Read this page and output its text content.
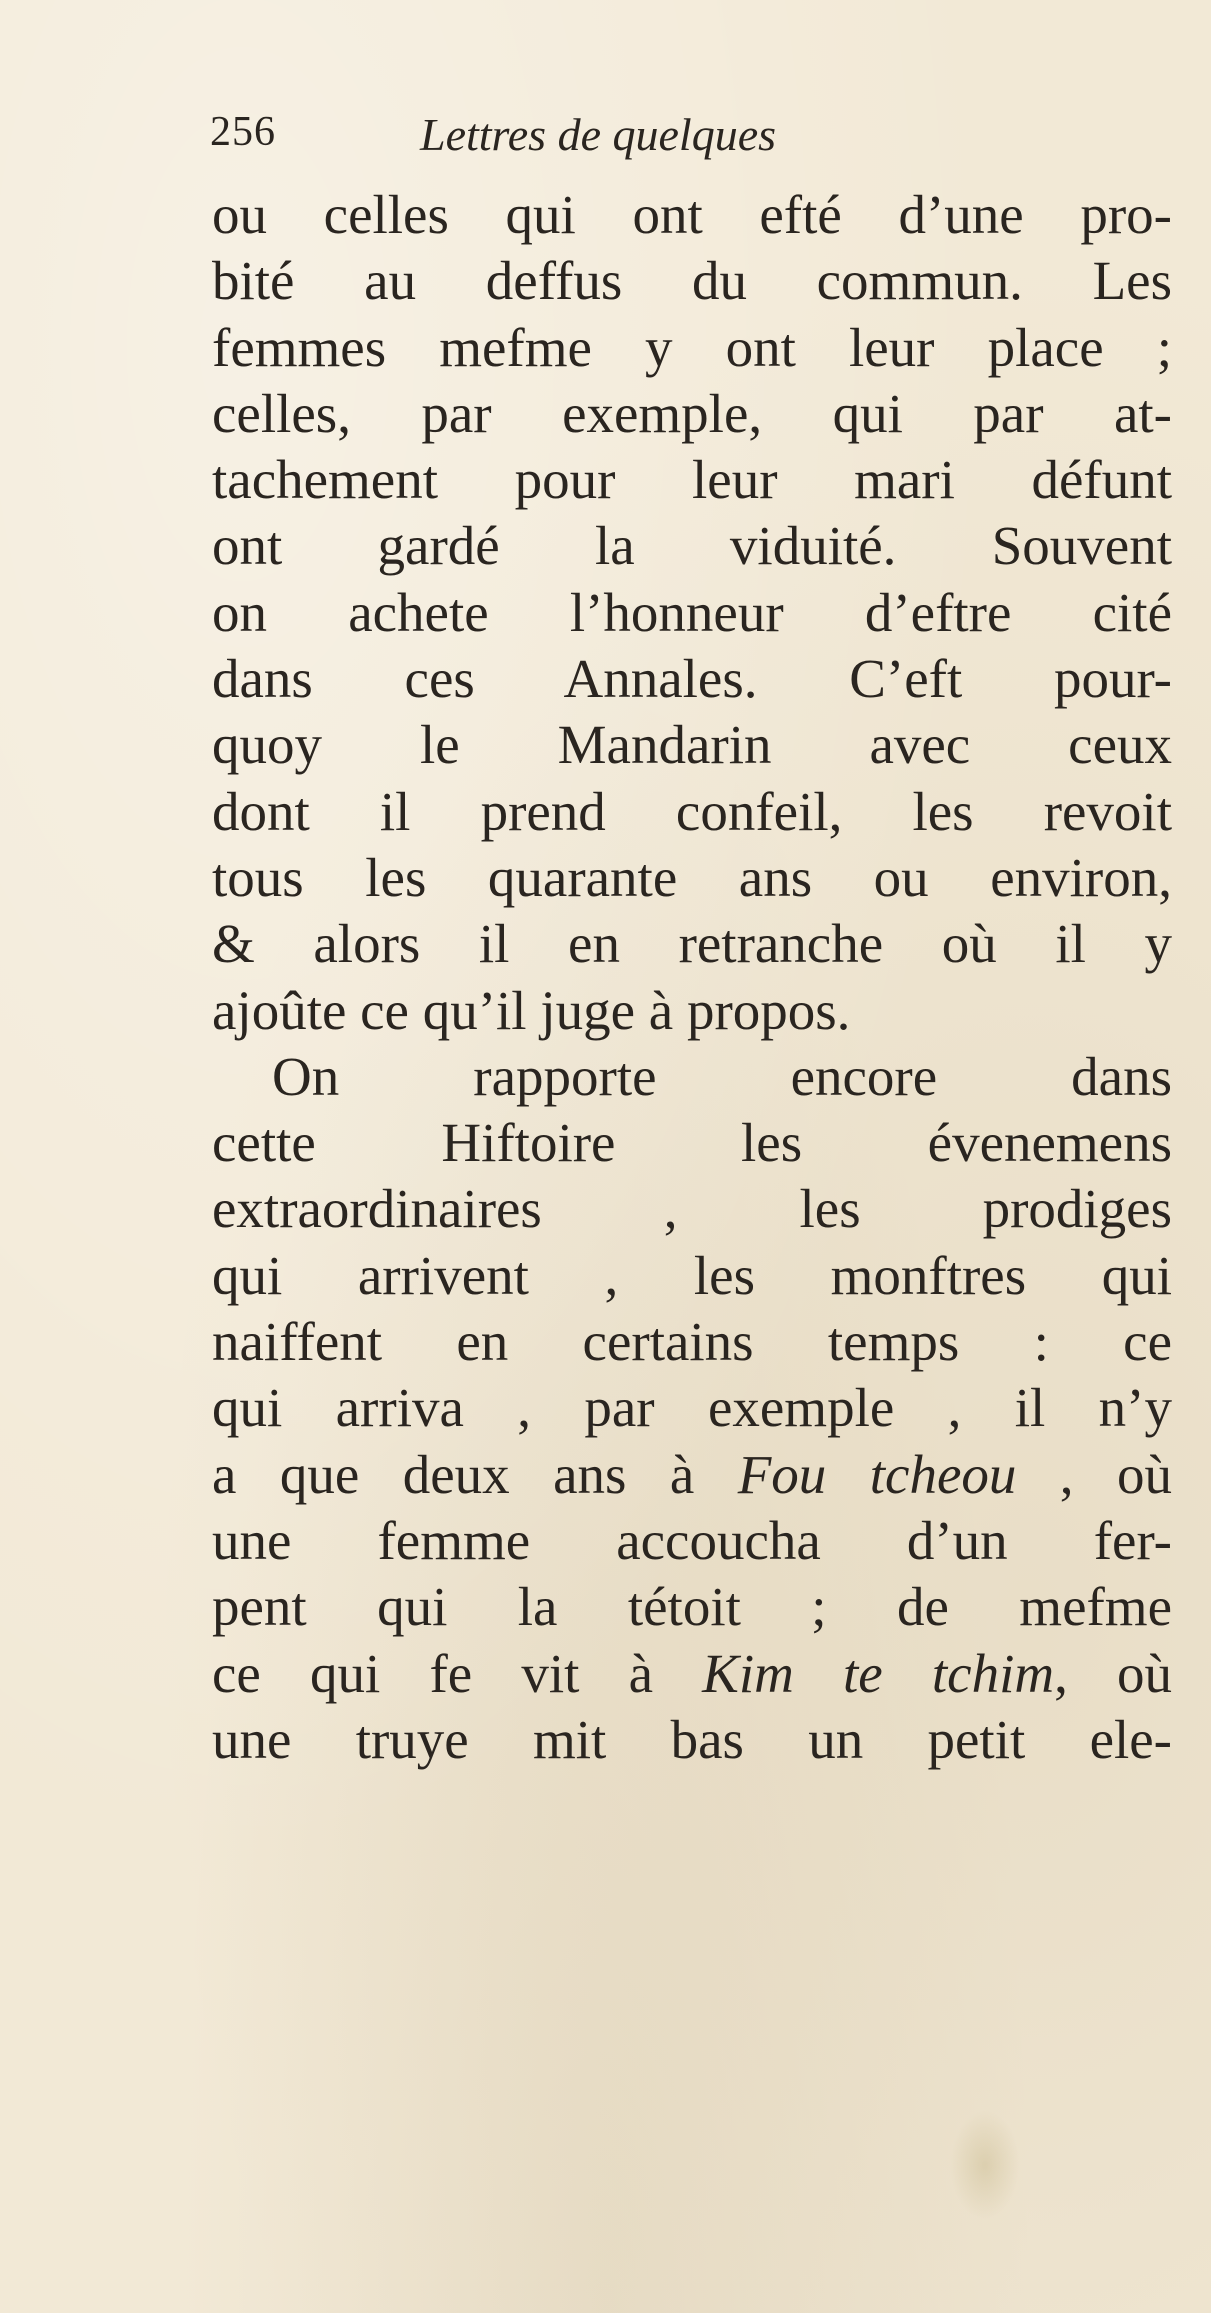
256	Lettres de quelques
ou celles qui ont efté d’une pro-
bité au deffus du commun. Les
femmes mefme y ont leur place ;
celles, par exemple, qui par at-
tachement pour leur mari défunt
ont gardé la viduité. Souvent
on achete l’honneur d’eftre cité
dans ces Annales. C’eft pour-
quoy le Mandarin avec ceux
dont il prend confeil, les revoit
tous les quarante ans ou environ,
& alors il en retranche où il y
ajoûte ce qu’il juge à propos.
On rapporte encore dans
cette Hiftoire les évenemens
extraordinaires , les prodiges
qui arrivent , les monftres qui
naiffent en certains temps : ce
qui arriva , par exemple , il n’y
a que deux ans à Fou tcheou , où
une femme accoucha d’un fer-
pent qui la tétoit ; de mefme
ce qui fe vit à Kim te tchim, où
une truye mit bas un petit ele-
